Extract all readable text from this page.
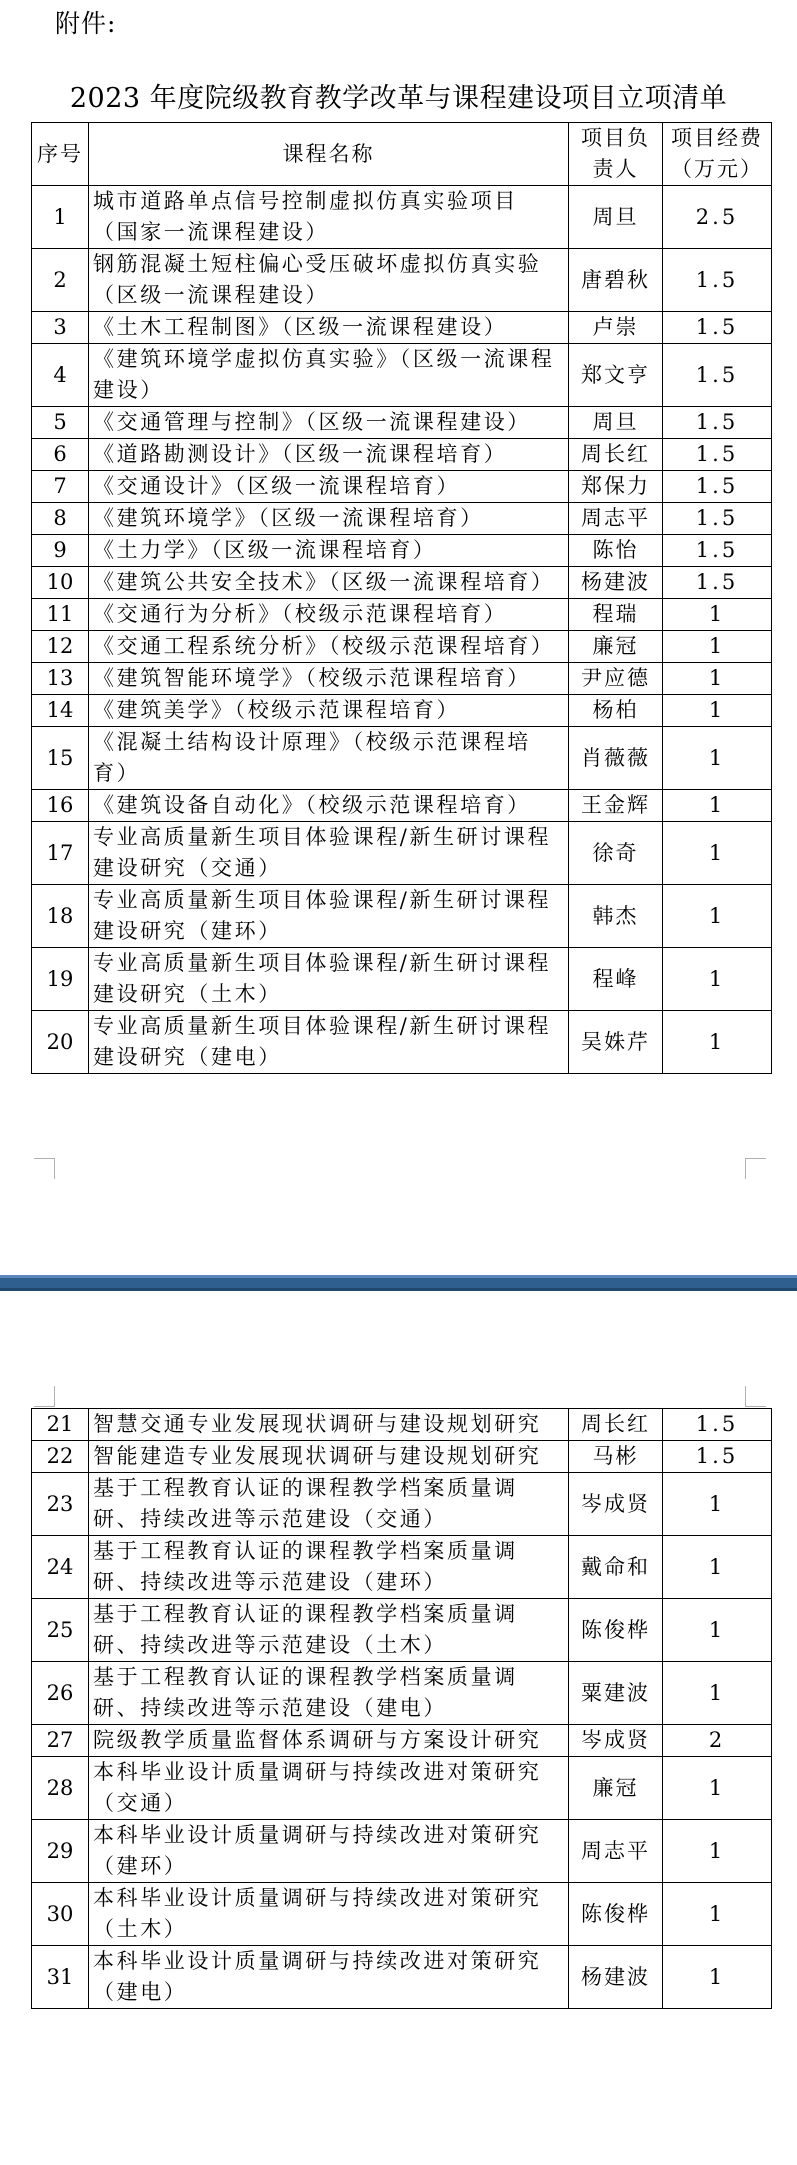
附件:
2023 年度院级教育教学改革与课程建设项目立项清单
序号	课程名称	项目负责人	项目经费（万元）
1	城市道路单点信号控制虚拟仿真实验项目（国家一流课程建设）	周旦	2.5
2	钢筋混凝土短柱偏心受压破坏虚拟仿真实验（区级一流课程建设）	唐碧秋	1.5
3	《土木工程制图》（区级一流课程建设）	卢崇	1.5
4	《建筑环境学虚拟仿真实验》（区级一流课程建设）	郑文亨	1.5
5	《交通管理与控制》（区级一流课程建设）	周旦	1.5
6	《道路勘测设计》（区级一流课程培育）	周长红	1.5
7	《交通设计》（区级一流课程培育）	郑保力	1.5
8	《建筑环境学》（区级一流课程培育）	周志平	1.5
9	《土力学》（区级一流课程培育）	陈怡	1.5
10	《建筑公共安全技术》（区级一流课程培育）	杨建波	1.5
11	《交通行为分析》（校级示范课程培育）	程瑞	1
12	《交通工程系统分析》（校级示范课程培育）	廉冠	1
13	《建筑智能环境学》（校级示范课程培育）	尹应德	1
14	《建筑美学》（校级示范课程培育）	杨柏	1
15	《混凝土结构设计原理》（校级示范课程培育）	肖薇薇	1
16	《建筑设备自动化》（校级示范课程培育）	王金辉	1
17	专业高质量新生项目体验课程/新生研讨课程建设研究（交通）	徐奇	1
18	专业高质量新生项目体验课程/新生研讨课程建设研究（建环）	韩杰	1
19	专业高质量新生项目体验课程/新生研讨课程建设研究（土木）	程峰	1
20	专业高质量新生项目体验课程/新生研讨课程建设研究（建电）	吴姝芹	1
21	智慧交通专业发展现状调研与建设规划研究	周长红	1.5
22	智能建造专业发展现状调研与建设规划研究	马彬	1.5
23	基于工程教育认证的课程教学档案质量调研、持续改进等示范建设（交通）	岑成贤	1
24	基于工程教育认证的课程教学档案质量调研、持续改进等示范建设（建环）	戴命和	1
25	基于工程教育认证的课程教学档案质量调研、持续改进等示范建设（土木）	陈俊桦	1
26	基于工程教育认证的课程教学档案质量调研、持续改进等示范建设（建电）	粟建波	1
27	院级教学质量监督体系调研与方案设计研究	岑成贤	2
28	本科毕业设计质量调研与持续改进对策研究（交通）	廉冠	1
29	本科毕业设计质量调研与持续改进对策研究（建环）	周志平	1
30	本科毕业设计质量调研与持续改进对策研究（土木）	陈俊桦	1
31	本科毕业设计质量调研与持续改进对策研究（建电）	杨建波	1
